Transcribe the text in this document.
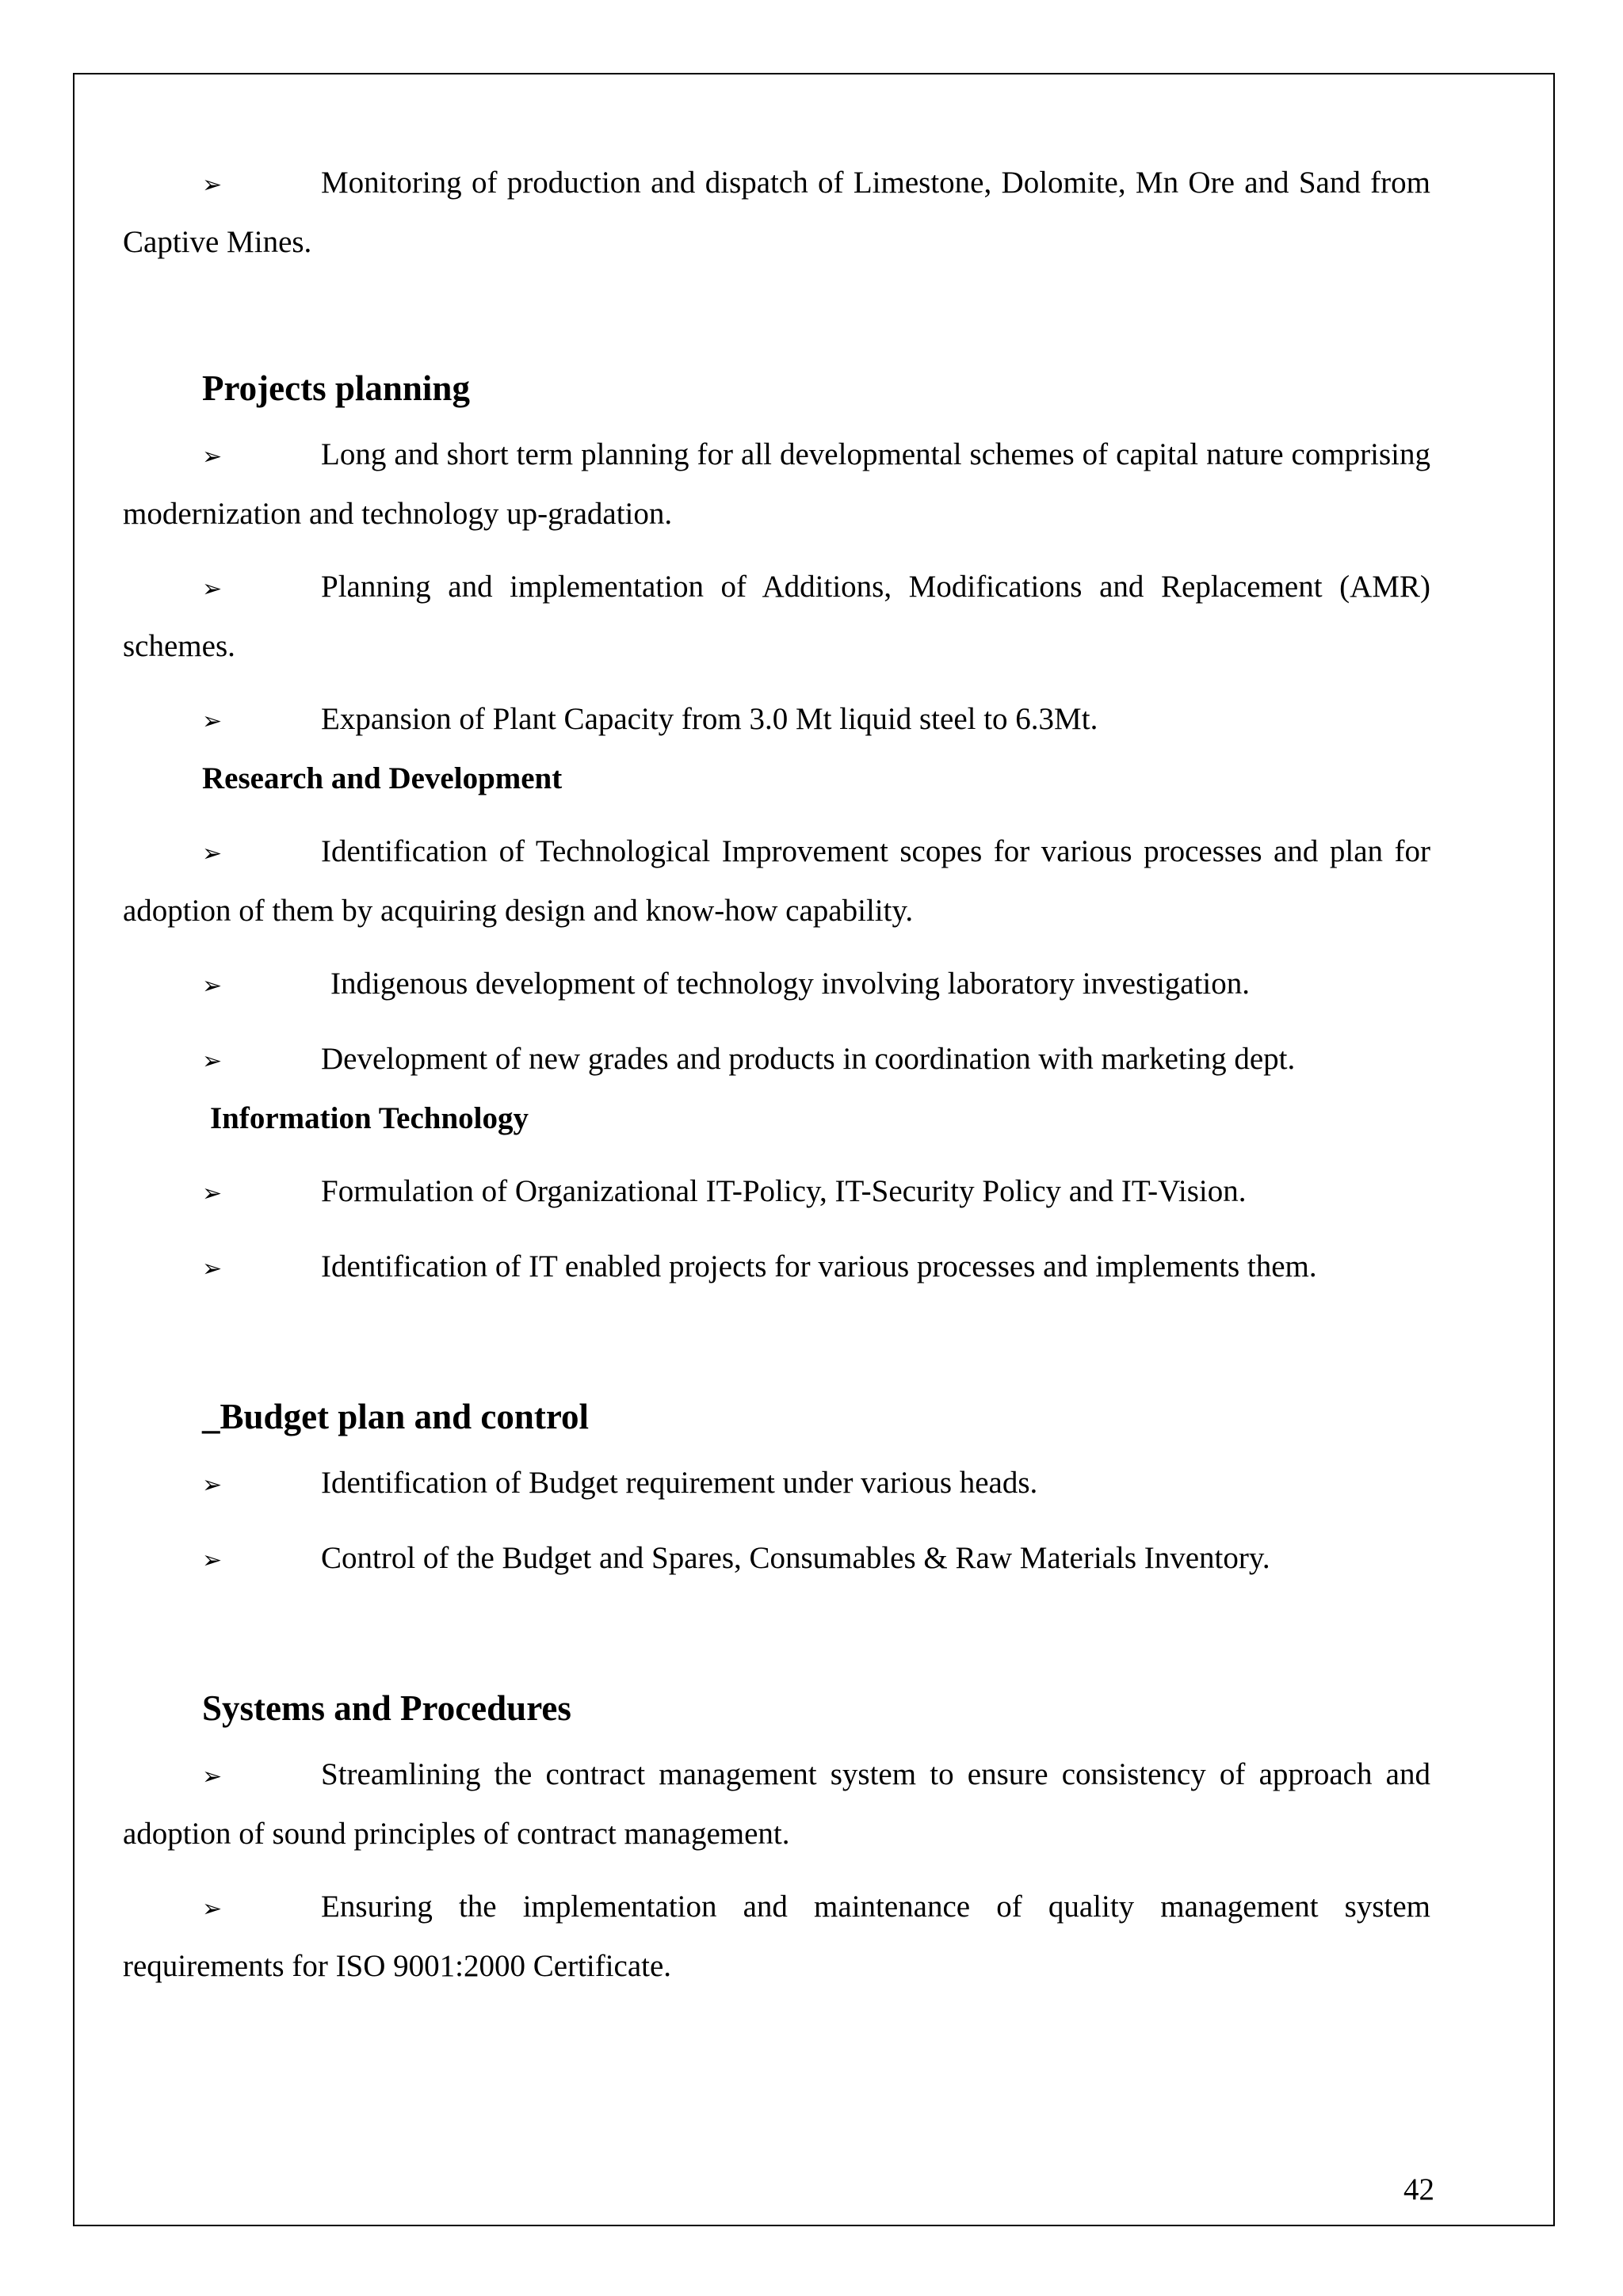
➢	Monitoring of production and dispatch of Limestone, Dolomite, Mn Ore and Sand from Captive Mines.

Projects planning

➢	Long and short term planning for all developmental schemes of capital nature comprising modernization and technology up-gradation.

➢	Planning and implementation of Additions, Modifications and Replacement (AMR) schemes.

➢	Expansion of Plant Capacity from 3.0 Mt liquid steel to 6.3Mt.

Research and Development

➢	Identification of Technological Improvement scopes for various processes and plan for adoption of them by acquiring design and know-how capability.

➢	Indigenous development of technology involving laboratory investigation.

➢	Development of new grades and products in coordination with marketing dept.

Information Technology

➢	Formulation of Organizational IT-Policy, IT-Security Policy and IT-Vision.

➢	Identification of IT enabled projects for various processes and implements them.

_Budget plan and control

➢	Identification of Budget requirement under various heads.

➢	Control of the Budget and Spares, Consumables & Raw Materials Inventory.

Systems and Procedures

➢	Streamlining the contract management system to ensure consistency of approach and adoption of sound principles of contract management.

➢	Ensuring the implementation and maintenance of quality management system requirements for ISO 9001:2000 Certificate.

42
